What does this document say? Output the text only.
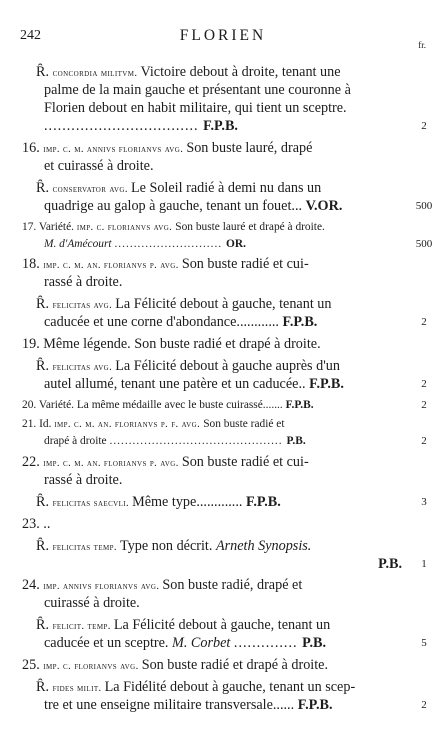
242	FLORIEN
fr.
Ȓ. concordia militvm. Victoire debout à droite, tenant une
palme de la main gauche et présentant une couronne à
Florien debout en habit militaire, qui tient un sceptre.
.................................. F.P.B.	2
16. imp. c. m. annivs florianvs avg. Son buste lauré, drapé
et cuirassé à droite.
Ȓ. conservator avg. Le Soleil radié à demi nu dans un
quadrige au galop à gauche, tenant un fouet... V.OR.	500
17. Variété. imp. c. florianvs avg. Son buste lauré et drapé à droite.
M. d'Amécourt ............................ OR.	500
18. imp. c. m. an. florianvs p. avg. Son buste radié et cui-
rassé à droite.
Ȓ. felicitas avg. La Félicité debout à gauche, tenant un
caducée et une corne d'abondance............ F.P.B.	2
19. Même légende. Son buste radié et drapé à droite.
Ȓ. felicitas avg. La Félicité debout à gauche auprès d'un
autel allumé, tenant une patère et un caducée.. F.P.B.	2
20. Variété. La même médaille avec le buste cuirassé....... F.P.B.	2
21. Id. imp. c. m. an. florianvs p. f. avg. Son buste radié et
drapé à droite ............................................. P.B.	2
22. imp. c. m. an. florianvs p. avg. Son buste radié et cui-
rassé à droite.
Ȓ. felicitas saecvli. Même type............. F.P.B.	3
23. ..
Ȓ. felicitas temp. Type non décrit. Arneth Synopsis.
P.B.	1
24. imp. annivs florianvs avg. Son buste radié, drapé et
cuirassé à droite.
Ȓ. felicit. temp. La Félicité debout à gauche, tenant un
caducée et un sceptre. M. Corbet .............. P.B.	5
25. imp. c. florianvs avg. Son buste radié et drapé à droite.
Ȓ. fides milit. La Fidélité debout à gauche, tenant un scep-
tre et une enseigne militaire transversale...... F.P.B.	2
